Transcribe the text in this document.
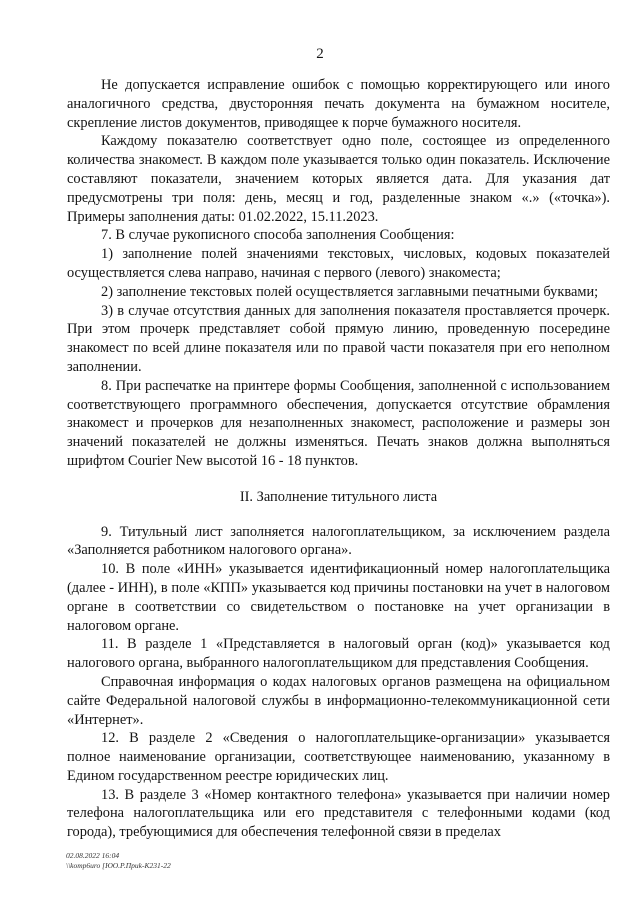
2

Не допускается исправление ошибок с помощью корректирующего или иного аналогичного средства, двусторонняя печать документа на бумажном носителе, скрепление листов документов, приводящее к порче бумажного носителя.

Каждому показателю соответствует одно поле, состоящее из определенного количества знакомест. В каждом поле указывается только один показатель. Исключение составляют показатели, значением которых является дата. Для указания дат предусмотрены три поля: день, месяц и год, разделенные знаком «.» («точка»). Примеры заполнения даты: 01.02.2022, 15.11.2023.

7. В случае рукописного способа заполнения Сообщения:

1) заполнение полей значениями текстовых, числовых, кодовых показателей осуществляется слева направо, начиная с первого (левого) знакоместа;

2) заполнение текстовых полей осуществляется заглавными печатными буквами;

3) в случае отсутствия данных для заполнения показателя проставляется прочерк. При этом прочерк представляет собой прямую линию, проведенную посередине знакомест по всей длине показателя или по правой части показателя при его неполном заполнении.

8. При распечатке на принтере формы Сообщения, заполненной с использованием соответствующего программного обеспечения, допускается отсутствие обрамления знакомест и прочерков для незаполненных знакомест, расположение и размеры зон значений показателей не должны изменяться. Печать знаков должна выполняться шрифтом Courier New высотой 16 - 18 пунктов.

II. Заполнение титульного листа

9. Титульный лист заполняется налогоплательщиком, за исключением раздела «Заполняется работником налогового органа».

10. В поле «ИНН» указывается идентификационный номер налогоплательщика (далее - ИНН), в поле «КПП» указывается код причины постановки на учет в налоговом органе в соответствии со свидетельством о постановке на учет организации в налоговом органе.

11. В разделе 1 «Представляется в налоговый орган (код)» указывается код налогового органа, выбранного налогоплательщиком для представления Сообщения.

Справочная информация о кодах налоговых органов размещена на официальном сайте Федеральной налоговой службы в информационно-телекоммуникационной сети «Интернет».

12. В разделе 2 «Сведения о налогоплательщике-организации» указывается полное наименование организации, соответствующее наименованию, указанному в Едином государственном реестре юридических лиц.

13. В разделе 3 «Номер контактного телефона» указывается при наличии номер телефона налогоплательщика или его представителя с телефонными кодами (код города), требующимися для обеспечения телефонной связи в пределах

02.08.2022 16:04
\\komp6uro [ЮО.Р.Приk-K231-22
